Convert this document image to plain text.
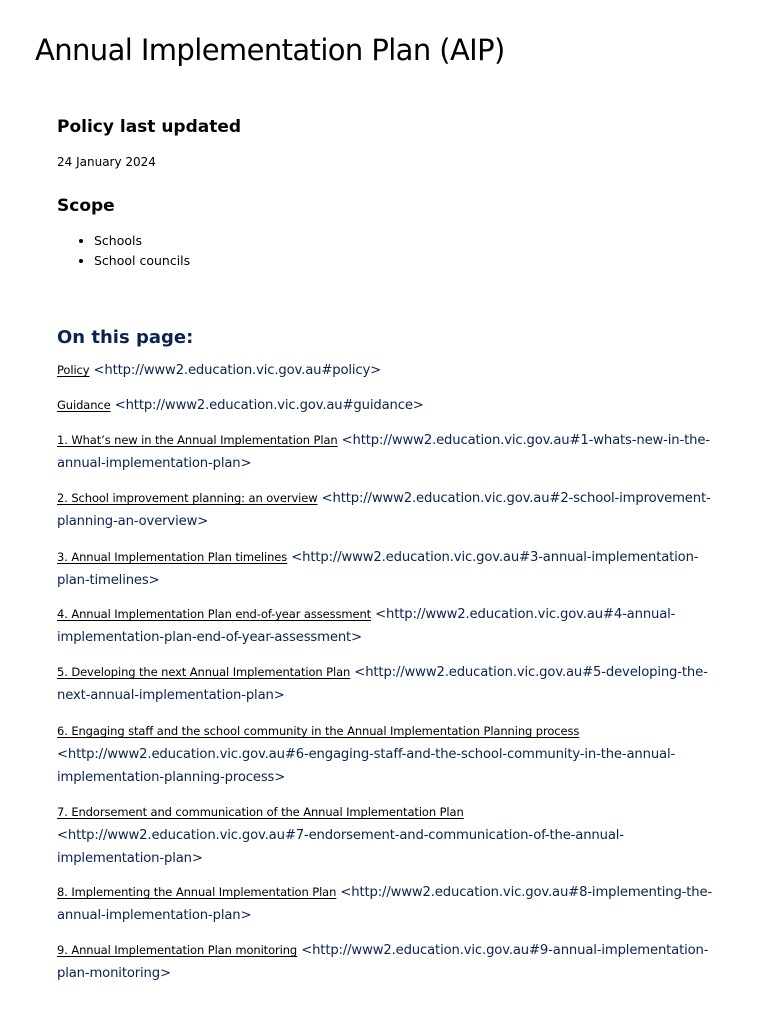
Annual Implementation Plan (AIP)
Policy last updated
24 January 2024
Scope
• Schools
• School councils
On this page:
Policy <http://www2.education.vic.gov.au#policy>
Guidance <http://www2.education.vic.gov.au#guidance>
1. What’s new in the Annual Implementation Plan <http://www2.education.vic.gov.au#1-whats-new-in-the-annual-implementation-plan>
2. School improvement planning: an overview <http://www2.education.vic.gov.au#2-school-improvement-planning-an-overview>
3. Annual Implementation Plan timelines <http://www2.education.vic.gov.au#3-annual-implementation-plan-timelines>
4. Annual Implementation Plan end-of-year assessment <http://www2.education.vic.gov.au#4-annual-implementation-plan-end-of-year-assessment>
5. Developing the next Annual Implementation Plan <http://www2.education.vic.gov.au#5-developing-the-next-annual-implementation-plan>
6. Engaging staff and the school community in the Annual Implementation Planning process <http://www2.education.vic.gov.au#6-engaging-staff-and-the-school-community-in-the-annual-implementation-planning-process>
7. Endorsement and communication of the Annual Implementation Plan <http://www2.education.vic.gov.au#7-endorsement-and-communication-of-the-annual-implementation-plan>
8. Implementing the Annual Implementation Plan <http://www2.education.vic.gov.au#8-implementing-the-annual-implementation-plan>
9. Annual Implementation Plan monitoring <http://www2.education.vic.gov.au#9-annual-implementation-plan-monitoring>
